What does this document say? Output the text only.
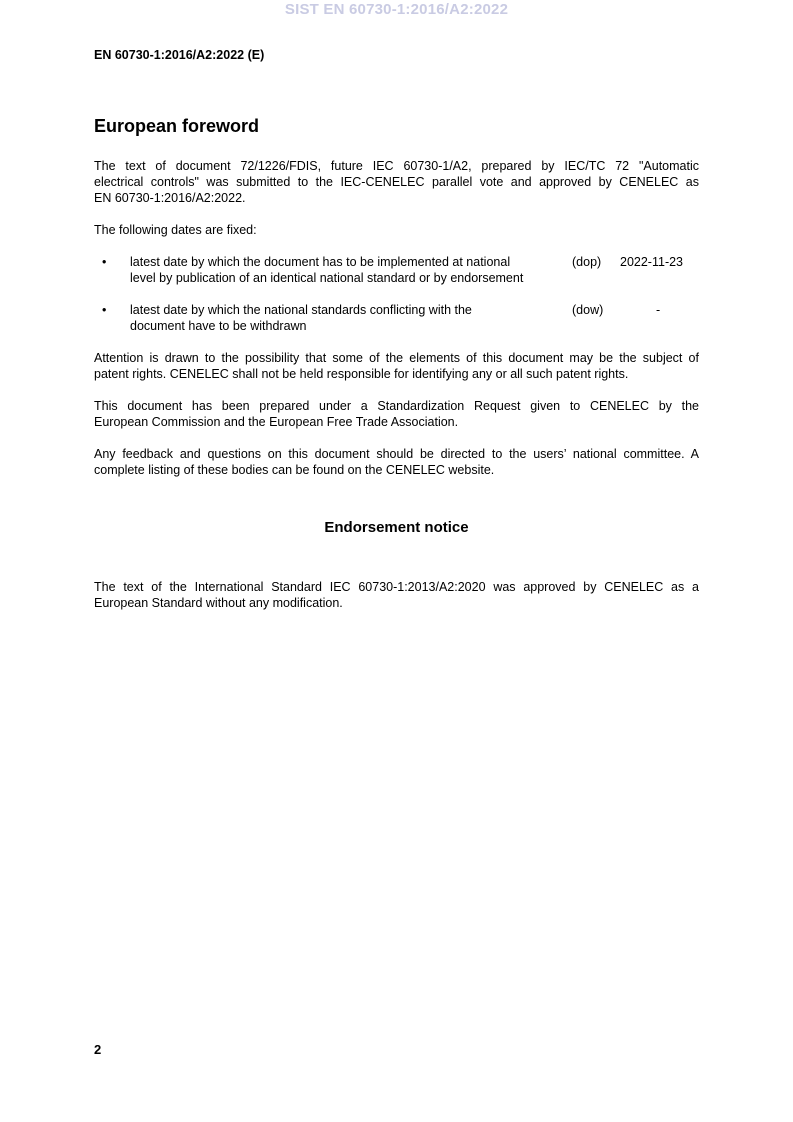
SIST EN 60730-1:2016/A2:2022
EN 60730-1:2016/A2:2022 (E)
European foreword
The text of document 72/1226/FDIS, future IEC 60730-1/A2, prepared by IEC/TC 72 "Automatic
electrical controls" was submitted to the IEC-CENELEC parallel vote and approved by CENELEC as
EN 60730-1:2016/A2:2022.
The following dates are fixed:
• latest date by which the document has to be implemented at national
level by publication of an identical national standard or by endorsement
(dop) 2022-11-23
• latest date by which the national standards conflicting with the
document have to be withdrawn
(dow)	-
Attention is drawn to the possibility that some of the elements of this document may be the subject of
patent rights. CENELEC shall not be held responsible for identifying any or all such patent rights.
This document has been prepared under a Standardization Request given to CENELEC by the
European Commission and the European Free Trade Association.
Any feedback and questions on this document should be directed to the users’ national committee. A
complete listing of these bodies can be found on the CENELEC website.
Endorsement notice
The text of the International Standard IEC 60730-1:2013/A2:2020 was approved by CENELEC as a
European Standard without any modification.
2
